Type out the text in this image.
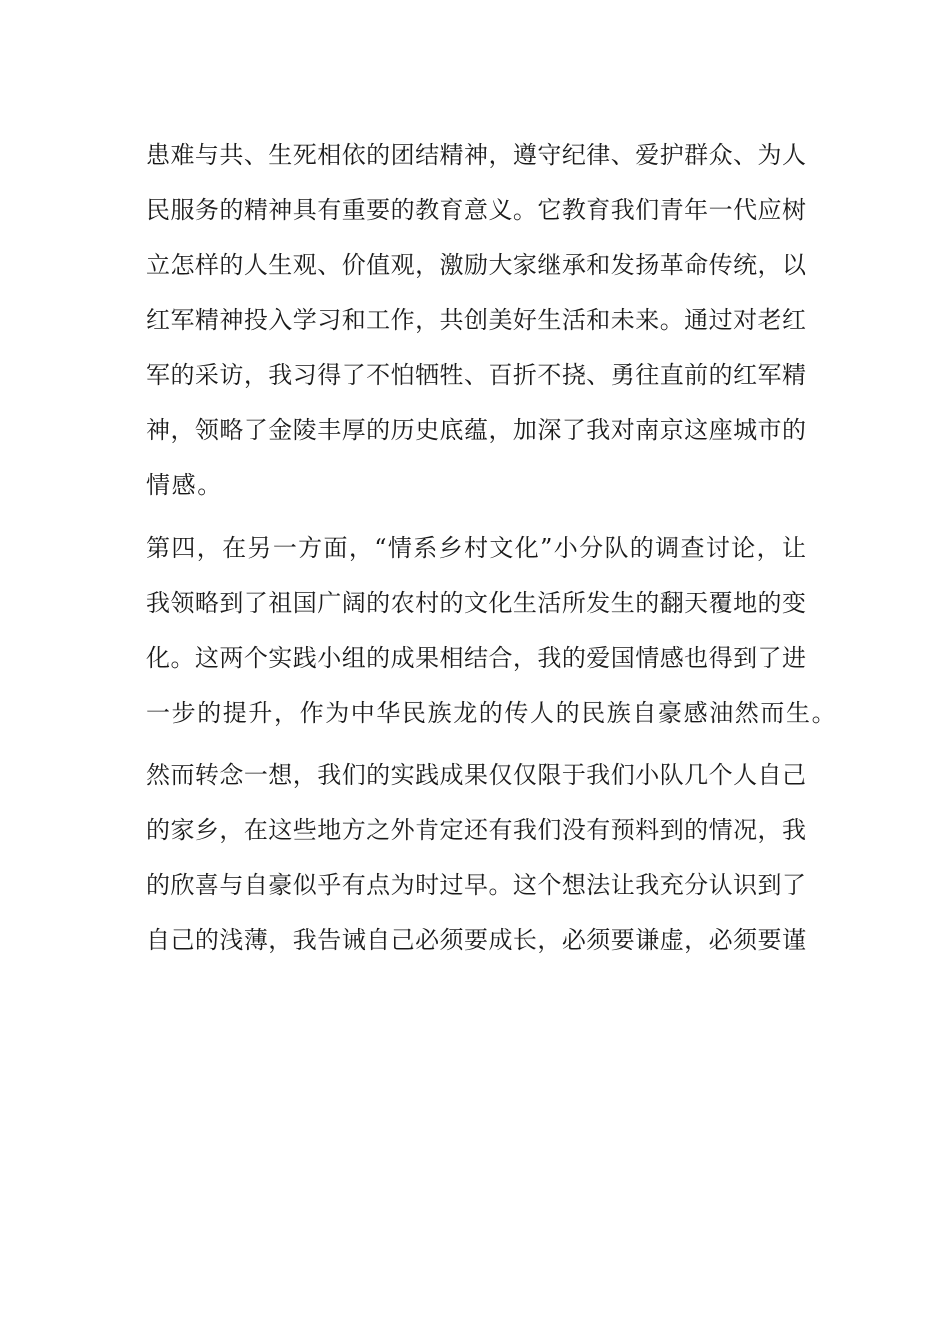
患难与共、生死相依的团结精神，遵守纪律、爱护群众、为人
民服务的精神具有重要的教育意义。它教育我们青年一代应树
立怎样的人生观、价值观，激励大家继承和发扬革命传统，以
红军精神投入学习和工作，共创美好生活和未来。通过对老红
军的采访，我习得了不怕牺牲、百折不挠、勇往直前的红军精
神，领略了金陵丰厚的历史底蕴，加深了我对南京这座城市的
情感。
第四，在另一方面，“情系乡村文化”小分队的调查讨论，让
我领略到了祖国广阔的农村的文化生活所发生的翻天覆地的变
化。这两个实践小组的成果相结合，我的爱国情感也得到了进
一步的提升，作为中华民族龙的传人的民族自豪感油然而生。
然而转念一想，我们的实践成果仅仅限于我们小队几个人自己
的家乡，在这些地方之外肯定还有我们没有预料到的情况，我
的欣喜与自豪似乎有点为时过早。这个想法让我充分认识到了
自己的浅薄，我告诫自己必须要成长，必须要谦虚，必须要谨
